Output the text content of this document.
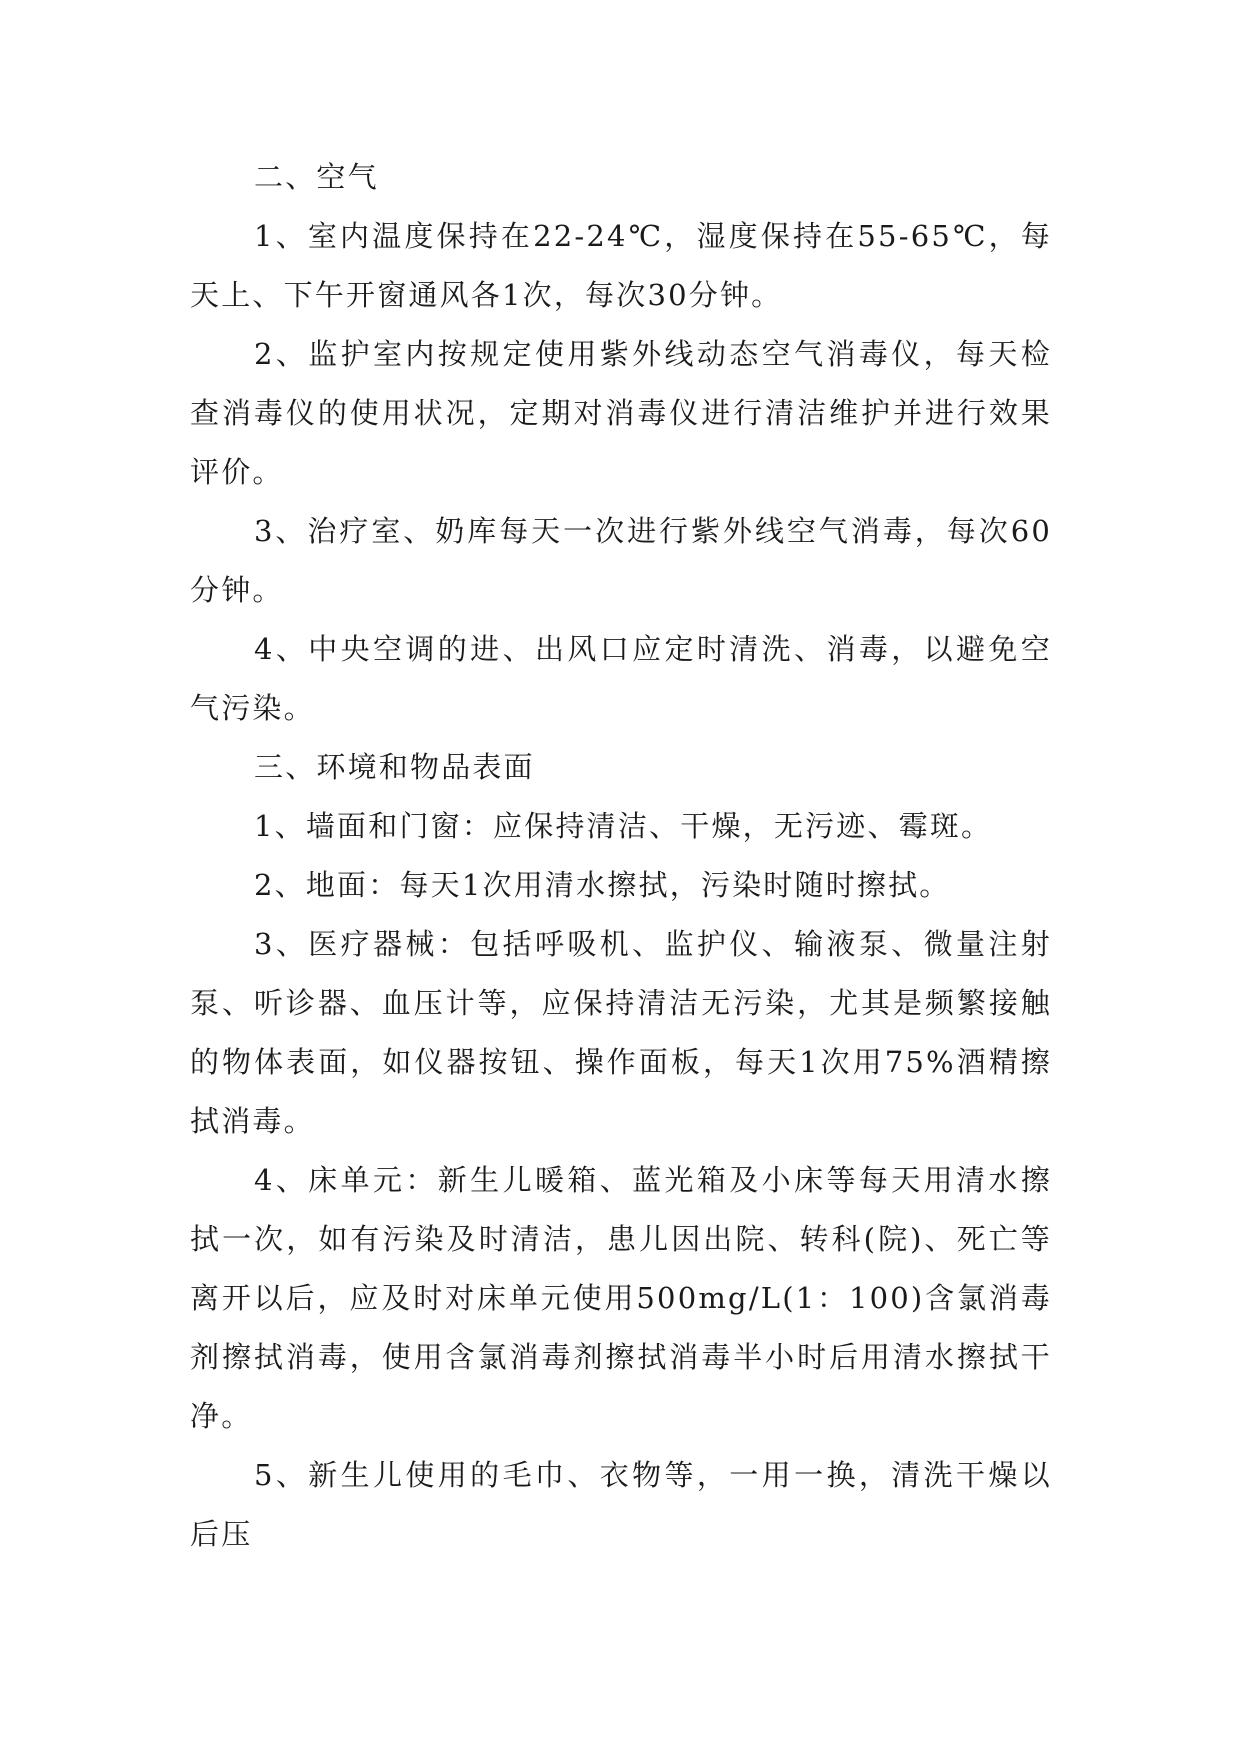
二、空气

1、室内温度保持在22-24℃，湿度保持在55-65℃，每天上、下午开窗通风各1次，每次30分钟。

2、监护室内按规定使用紫外线动态空气消毒仪，每天检查消毒仪的使用状况，定期对消毒仪进行清洁维护并进行效果评价。

3、治疗室、奶库每天一次进行紫外线空气消毒，每次60分钟。

4、中央空调的进、出风口应定时清洗、消毒，以避免空气污染。

三、环境和物品表面

1、墙面和门窗：应保持清洁、干燥，无污迹、霉斑。

2、地面：每天1次用清水擦拭，污染时随时擦拭。

3、医疗器械：包括呼吸机、监护仪、输液泵、微量注射泵、听诊器、血压计等，应保持清洁无污染，尤其是频繁接触的物体表面，如仪器按钮、操作面板，每天1次用75%酒精擦拭消毒。

4、床单元：新生儿暖箱、蓝光箱及小床等每天用清水擦拭一次，如有污染及时清洁，患儿因出院、转科(院)、死亡等离开以后，应及时对床单元使用500mg/L(1：100)含氯消毒剂擦拭消毒，使用含氯消毒剂擦拭消毒半小时后用清水擦拭干净。

5、新生儿使用的毛巾、衣物等，一用一换，清洗干燥以后压
